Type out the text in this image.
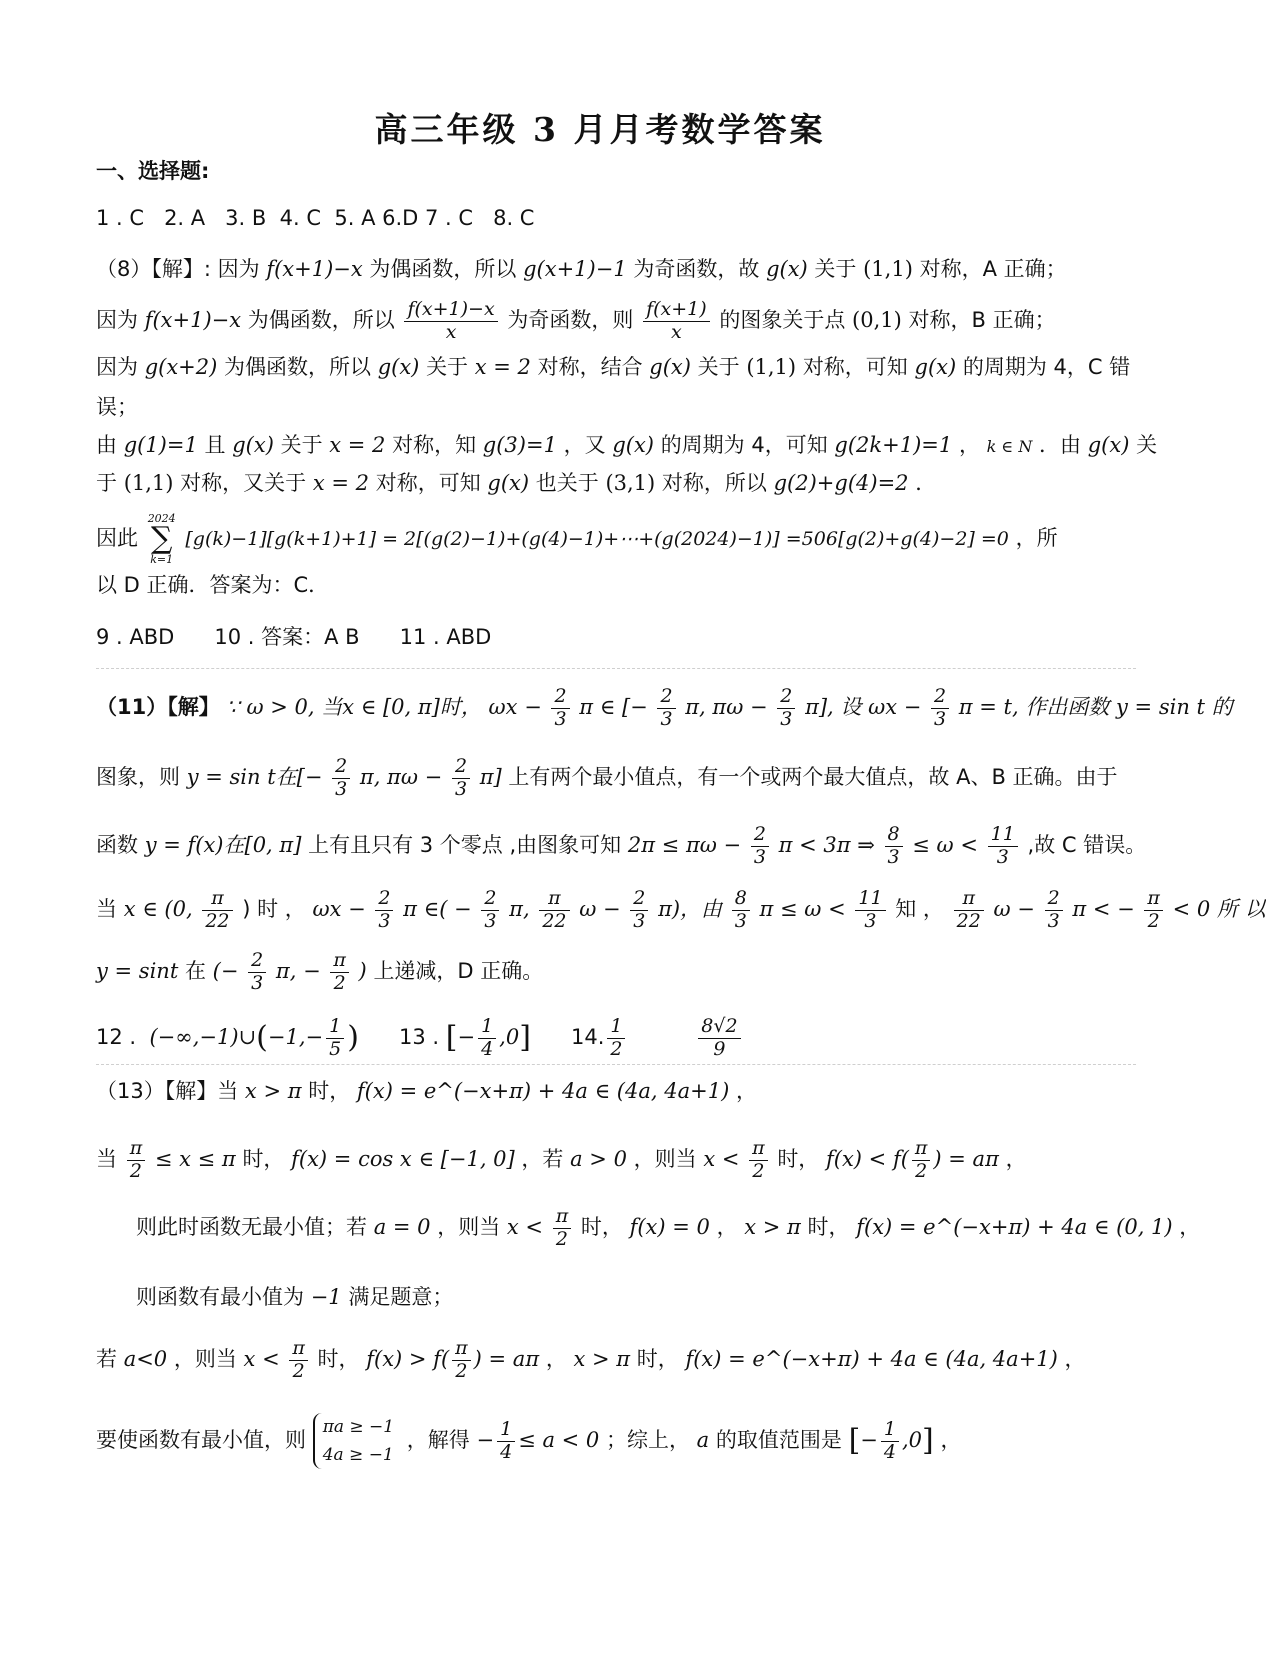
高三年级 3 月月考数学答案
一、选择题:
1 . C   2. A   3. B  4. C  5. A 6.D 7 . C   8. C
（8）【解】: 因为 f(x+1)−x 为偶函数，所以 g(x+1)−1 为奇函数，故 g(x) 关于 (1,1) 对称，A 正确；
因为 f(x+1)−x 为偶函数，所以 $\frac{f(x+1)-x}{x}$ 为奇函数，则 $\frac{f(x+1)}{x}$ 的图象关于点 (0,1) 对称，B 正确；
因为 g(x+2) 为偶函数，所以 g(x) 关于 x = 2 对称，结合 g(x) 关于 (1,1) 对称，可知 g(x) 的周期为 4，C 错
误；
由 g(1)=1 且 g(x) 关于 x = 2 对称，知 g(3)=1 ，又 g(x) 的周期为 4，可知 g(2k+1)=1 ， k ∈ N ．由 g(x) 关
于 (1,1) 对称，又关于 x = 2 对称，可知 g(x) 也关于 (3,1) 对称，所以 g(2)+g(4)=2 ．
因此
2024
∑
k=1
[g(k)−1][g(k+1)+1] = 2[(g(2)−1)+(g(4)−1)+⋯+(g(2024)−1)] =506[g(2)+g(4)−2] =0 ，所
以 D 正确．答案为：C．
9 . ABD      10 . 答案：A B      11 . ABD
（11）【解】 ∵ ω > 0, 当x ∈ [0, π]时， $\omega x - \frac{2}{3}$ π ∈ [− $\frac{2}{3} \pi$, $\pi\omega - \frac{2}{3} \pi$], 设 $\omega x - \frac{2}{3}$ π = t, 作出函数 y = sin t 的
图象，则 y = sin t在[− $\frac{2}{3} \pi$, $\pi\omega - \frac{2}{3} \pi$] 上有两个最小值点，有一个或两个最大值点，故 A、B 正确。由于
函数 y = f(x)在[0, π] 上有且只有 3 个零点 ,由图象可知 $2\pi \le \pi\omega - \frac{2}{3}$ π < 3π ⇒ $\frac{8}{3} \le \omega < \frac{11}{3}$ ,故 C 错误。
当 x ∈ (0, $\frac{\pi}{22}$ ) 时 ， $\omega x - \frac{2}{3}$ π ∈( − $\frac{2}{3} \pi$, $\frac{\pi}{22}$ $\omega - \frac{2}{3} \pi$)，由 $\frac{8}{3}$ $\pi \le \omega < \frac{11}{3}$ 知 ， $\frac{\pi}{22}$ $\omega - \frac{2}{3}$ π < − $\frac{\pi}{2} < 0$ 所 以
y = sint 在 (− $\frac{2}{3} \pi$, − $\frac{\pi}{2}$ ) 上递减，D 正确。
12 . (−∞,−1)∪(−1,− $\frac{1}{5}$ ) 13 . [− $\frac{1}{4} ,0$] 14. $\frac{1}{2}$
	$\frac{8√2}{9}$
（13）【解】当 x > π 时， f(x) = e^(−x+π) + 4a ∈ (4a, 4a+1) ，
当 $\frac{\pi}{2} \le x \le \pi$ 时， f(x) = cos x ∈ [−1, 0] ，若 a > 0 ，则当 $x < \frac{\pi}{2}$ 时， $f(x) < f( \frac{\pi}{2}$ ) = aπ ，
则此时函数无最小值；若 a = 0 ，则当 $x < \frac{\pi}{2}$ 时， f(x) = 0 ， x > π 时， f(x) = e^(−x+π) + 4a ∈ (0, 1) ，
则函数有最小值为 −1 满足题意；
若 a<0 ，则当 $x < \frac{\pi}{2}$ 时， $f(x) > f( \frac{\pi}{2}$ ) = aπ ， x > π 时， f(x) = e^(−x+π) + 4a ∈ (4a, 4a+1) ，
要使函数有最小值，则
πa ≥ −1
4a ≥ −1
，解得 − $\frac{1}{4} \le a < 0$ ；综上， a 的取值范围是 [− $\frac{1}{4} ,0$] ，
